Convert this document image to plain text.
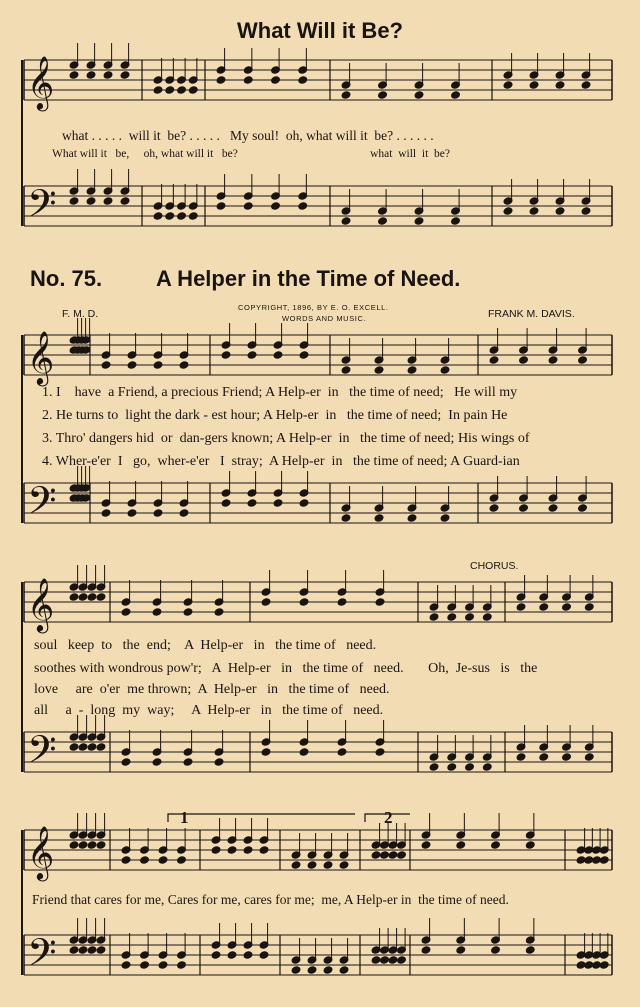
𝄞
𝄢
𝄞
𝄢
𝄞
𝄢
𝄞
𝄢
What Will it Be?
what . . . . .  will it  be? . . . . .   My soul!  oh, what will it  be? . . . . . .
What will it   be,     oh, what will it   be?                                              what  will  it  be?
No. 75. A Helper in the Time of Need.
F. M. D.
COPYRIGHT, 1896, BY E. O. EXCELL.
WORDS AND MUSIC.	FRANK M. DAVIS.
1. I    have  a Friend, a precious Friend; A Help-er  in   the time of need;   He will my
2. He turns to  light the dark - est hour; A Help-er  in   the time of need;  In pain He
3. Thro' dangers hid  or  dan-gers known; A Help-er  in   the time of need; His wings of
4. Wher-e'er  I   go,  wher-e'er   I  stray;  A Help-er  in   the time of need; A Guard-ian
CHORUS.
soul   keep  to   the  end;    A  Help-er   in   the time of   need.
soothes with wondrous pow'r;   A  Help-er   in   the time of   need.       Oh,  Je-sus   is   the
love     are  o'er  me thrown;  A  Help-er   in   the time of   need.
all     a  -  long  my  way;     A  Help-er   in   the time of   need.
1	2
Friend that cares for me, Cares for me, cares for me;  me, A Help-er in  the time of need.
